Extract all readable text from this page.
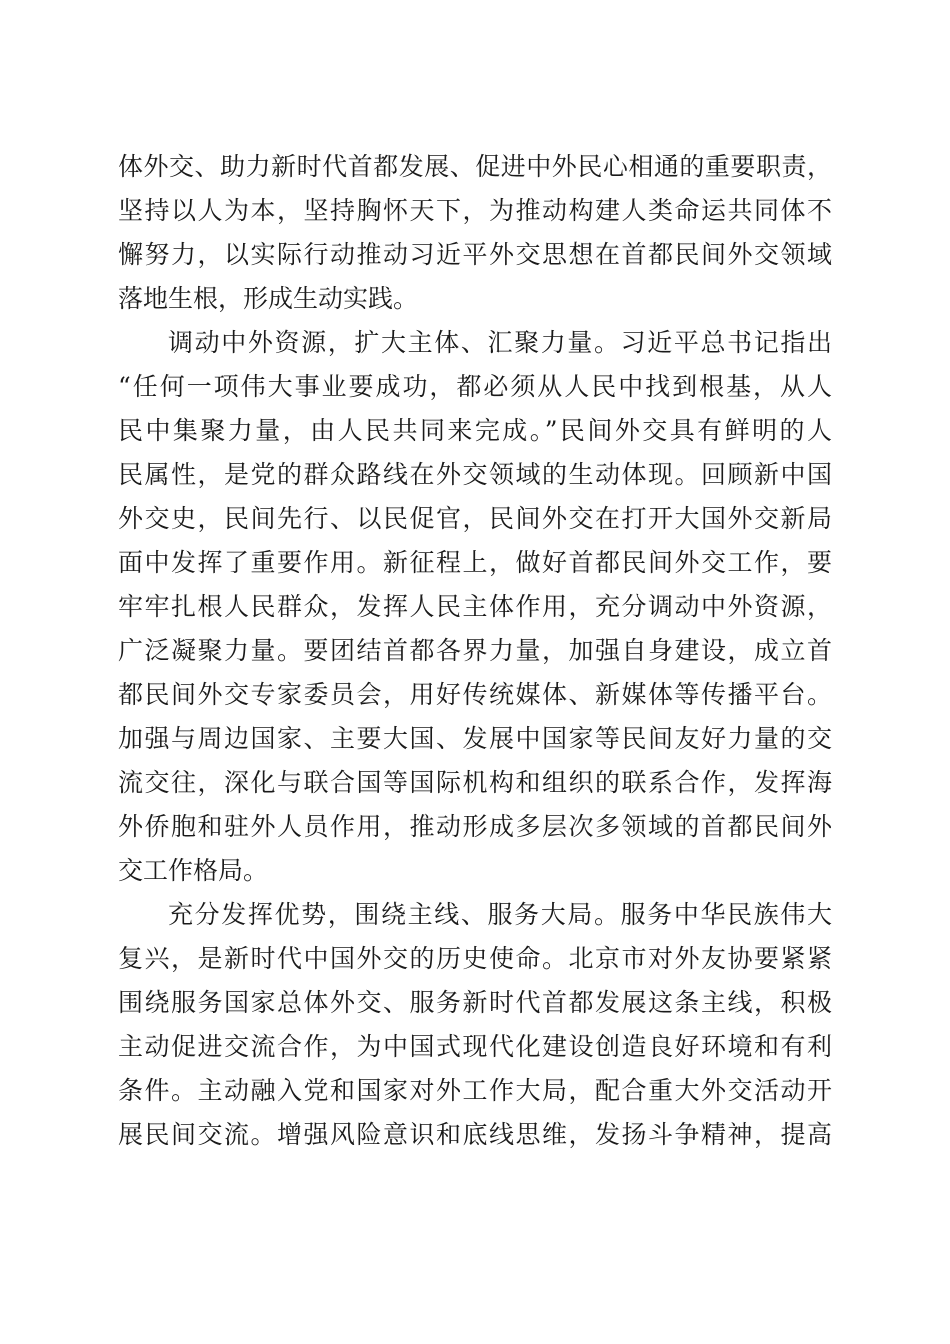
体外交、助力新时代首都发展、促进中外民心相通的重要职责，
坚持以人为本，坚持胸怀天下，为推动构建人类命运共同体不
懈努力，以实际行动推动习近平外交思想在首都民间外交领域
落地生根，形成生动实践。
调动中外资源，扩大主体、汇聚力量。习近平总书记指出
“任何一项伟大事业要成功，都必须从人民中找到根基，从人
民中集聚力量，由人民共同来完成。”民间外交具有鲜明的人
民属性，是党的群众路线在外交领域的生动体现。回顾新中国
外交史，民间先行、以民促官，民间外交在打开大国外交新局
面中发挥了重要作用。新征程上，做好首都民间外交工作，要
牢牢扎根人民群众，发挥人民主体作用，充分调动中外资源，
广泛凝聚力量。要团结首都各界力量，加强自身建设，成立首
都民间外交专家委员会，用好传统媒体、新媒体等传播平台。
加强与周边国家、主要大国、发展中国家等民间友好力量的交
流交往，深化与联合国等国际机构和组织的联系合作，发挥海
外侨胞和驻外人员作用，推动形成多层次多领域的首都民间外
交工作格局。
充分发挥优势，围绕主线、服务大局。服务中华民族伟大
复兴，是新时代中国外交的历史使命。北京市对外友协要紧紧
围绕服务国家总体外交、服务新时代首都发展这条主线，积极
主动促进交流合作，为中国式现代化建设创造良好环境和有利
条件。主动融入党和国家对外工作大局，配合重大外交活动开
展民间交流。增强风险意识和底线思维，发扬斗争精神，提高
